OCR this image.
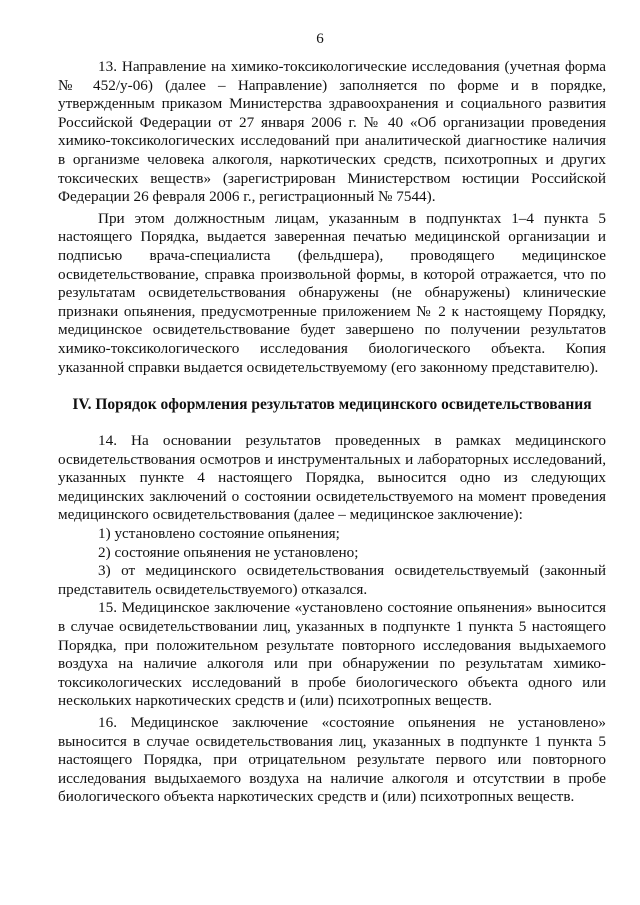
6

13. Направление на химико-токсикологические исследования (учетная форма № 452/у-06) (далее – Направление) заполняется по форме и в порядке, утвержденным приказом Министерства здравоохранения и социального развития Российской Федерации от 27 января 2006 г. № 40 «Об организации проведения химико-токсикологических исследований при аналитической диагностике наличия в организме человека алкоголя, наркотических средств, психотропных и других токсических веществ» (зарегистрирован Министерством юстиции Российской Федерации 26 февраля 2006 г., регистрационный № 7544).

При этом должностным лицам, указанным в подпунктах 1–4 пункта 5 настоящего Порядка, выдается заверенная печатью медицинской организации и подписью врача-специалиста (фельдшера), проводящего медицинское освидетельствование, справка произвольной формы, в которой отражается, что по результатам освидетельствования обнаружены (не обнаружены) клинические признаки опьянения, предусмотренные приложением № 2 к настоящему Порядку, медицинское освидетельствование будет завершено по получении результатов химико-токсикологического исследования биологического объекта. Копия указанной справки выдается освидетельствуемому (его законному представителю).

IV. Порядок оформления результатов медицинского освидетельствования

14. На основании результатов проведенных в рамках медицинского освидетельствования осмотров и инструментальных и лабораторных исследований, указанных пункте 4 настоящего Порядка, выносится одно из следующих медицинских заключений о состоянии освидетельствуемого на момент проведения медицинского освидетельствования (далее – медицинское заключение):

1) установлено состояние опьянения;

2) состояние опьянения не установлено;

3) от медицинского освидетельствования освидетельствуемый (законный представитель освидетельствуемого) отказался.

15. Медицинское заключение «установлено состояние опьянения» выносится в случае освидетельствовании лиц, указанных в подпункте 1 пункта 5 настоящего Порядка, при положительном результате повторного исследования выдыхаемого воздуха на наличие алкоголя или при обнаружении по результатам химико-токсикологических исследований в пробе биологического объекта одного или нескольких наркотических средств и (или) психотропных веществ.

16. Медицинское заключение «состояние опьянения не установлено» выносится в случае освидетельствования лиц, указанных в подпункте 1 пункта 5 настоящего Порядка, при отрицательном результате первого или повторного исследования выдыхаемого воздуха на наличие алкоголя и отсутствии в пробе биологического объекта наркотических средств и (или) психотропных веществ.
